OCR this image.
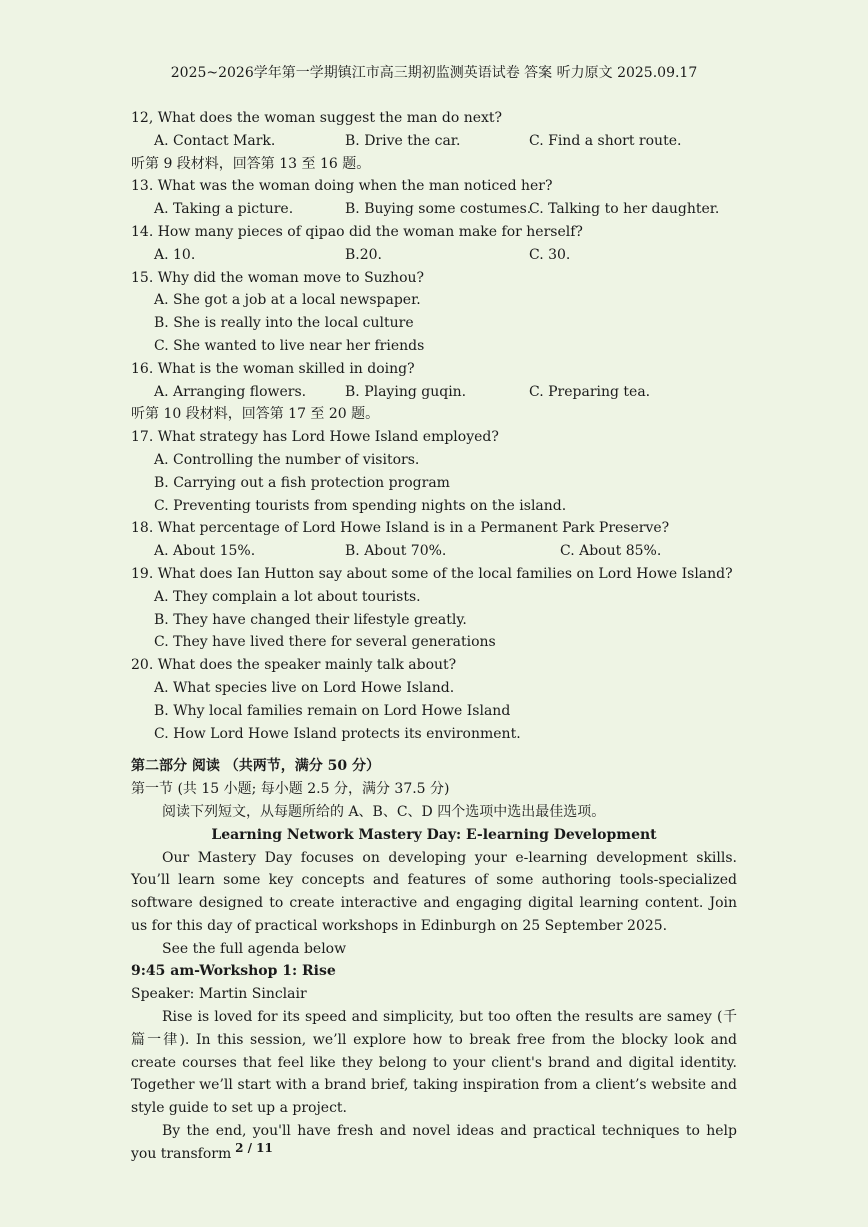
2025~2026学年第一学期镇江市高三期初监测英语试卷 答案 听力原文 2025.09.17
12, What does the woman suggest the man do next?
A. Contact Mark.	B. Drive the car.	C. Find a short route.
听第 9 段材料，回答第 13 至 16 题。
13. What was the woman doing when the man noticed her?
A. Taking a picture.	B. Buying some costumes.
C. Talking to her daughter.
14. How many pieces of qipao did the woman make for herself?
A. 10.	B.20.	C. 30.
15. Why did the woman move to Suzhou?
A. She got a job at a local newspaper.
B. She is really into the local culture
C. She wanted to live near her friends
16. What is the woman skilled in doing?
A. Arranging flowers.	B. Playing guqin.	C. Preparing tea.
听第 10 段材料，回答第 17 至 20 题。
17. What strategy has Lord Howe Island employed?
A. Controlling the number of visitors.
B. Carrying out a fish protection program
C. Preventing tourists from spending nights on the island.
18. What percentage of Lord Howe Island is in a Permanent Park Preserve?
A. About 15%.	B. About 70%.	C. About 85%.
19. What does Ian Hutton say about some of the local families on Lord Howe Island?
A. They complain a lot about tourists.
B. They have changed their lifestyle greatly.
C. They have lived there for several generations
20. What does the speaker mainly talk about?
A. What species live on Lord Howe Island.
B. Why local families remain on Lord Howe Island
C. How Lord Howe Island protects its environment.
第二部分 阅读 （共两节，满分 50 分）
第一节 (共 15 小题; 每小题 2.5 分，满分 37.5 分)
阅读下列短文，从每题所给的 A、B、C、D 四个选项中选出最佳选项。
Learning Network Mastery Day: E-learning Development
Our Mastery Day focuses on developing your e-learning development skills. You’ll learn some key concepts and features of some authoring tools-specialized software designed to create interactive and engaging digital learning content. Join us for this day of practical workshops in Edinburgh on 25 September 2025.
See the full agenda below
9:45 am-Workshop 1: Rise
Speaker: Martin Sinclair
Rise is loved for its speed and simplicity, but too often the results are samey (千篇一律). In this session, we’ll explore how to break free from the blocky look and create courses that feel like they belong to your client's brand and digital identity. Together we’ll start with a brand brief, taking inspiration from a client’s website and style guide to set up a project.
By the end, you'll have fresh and novel ideas and practical techniques to help you transform 2 / 11
